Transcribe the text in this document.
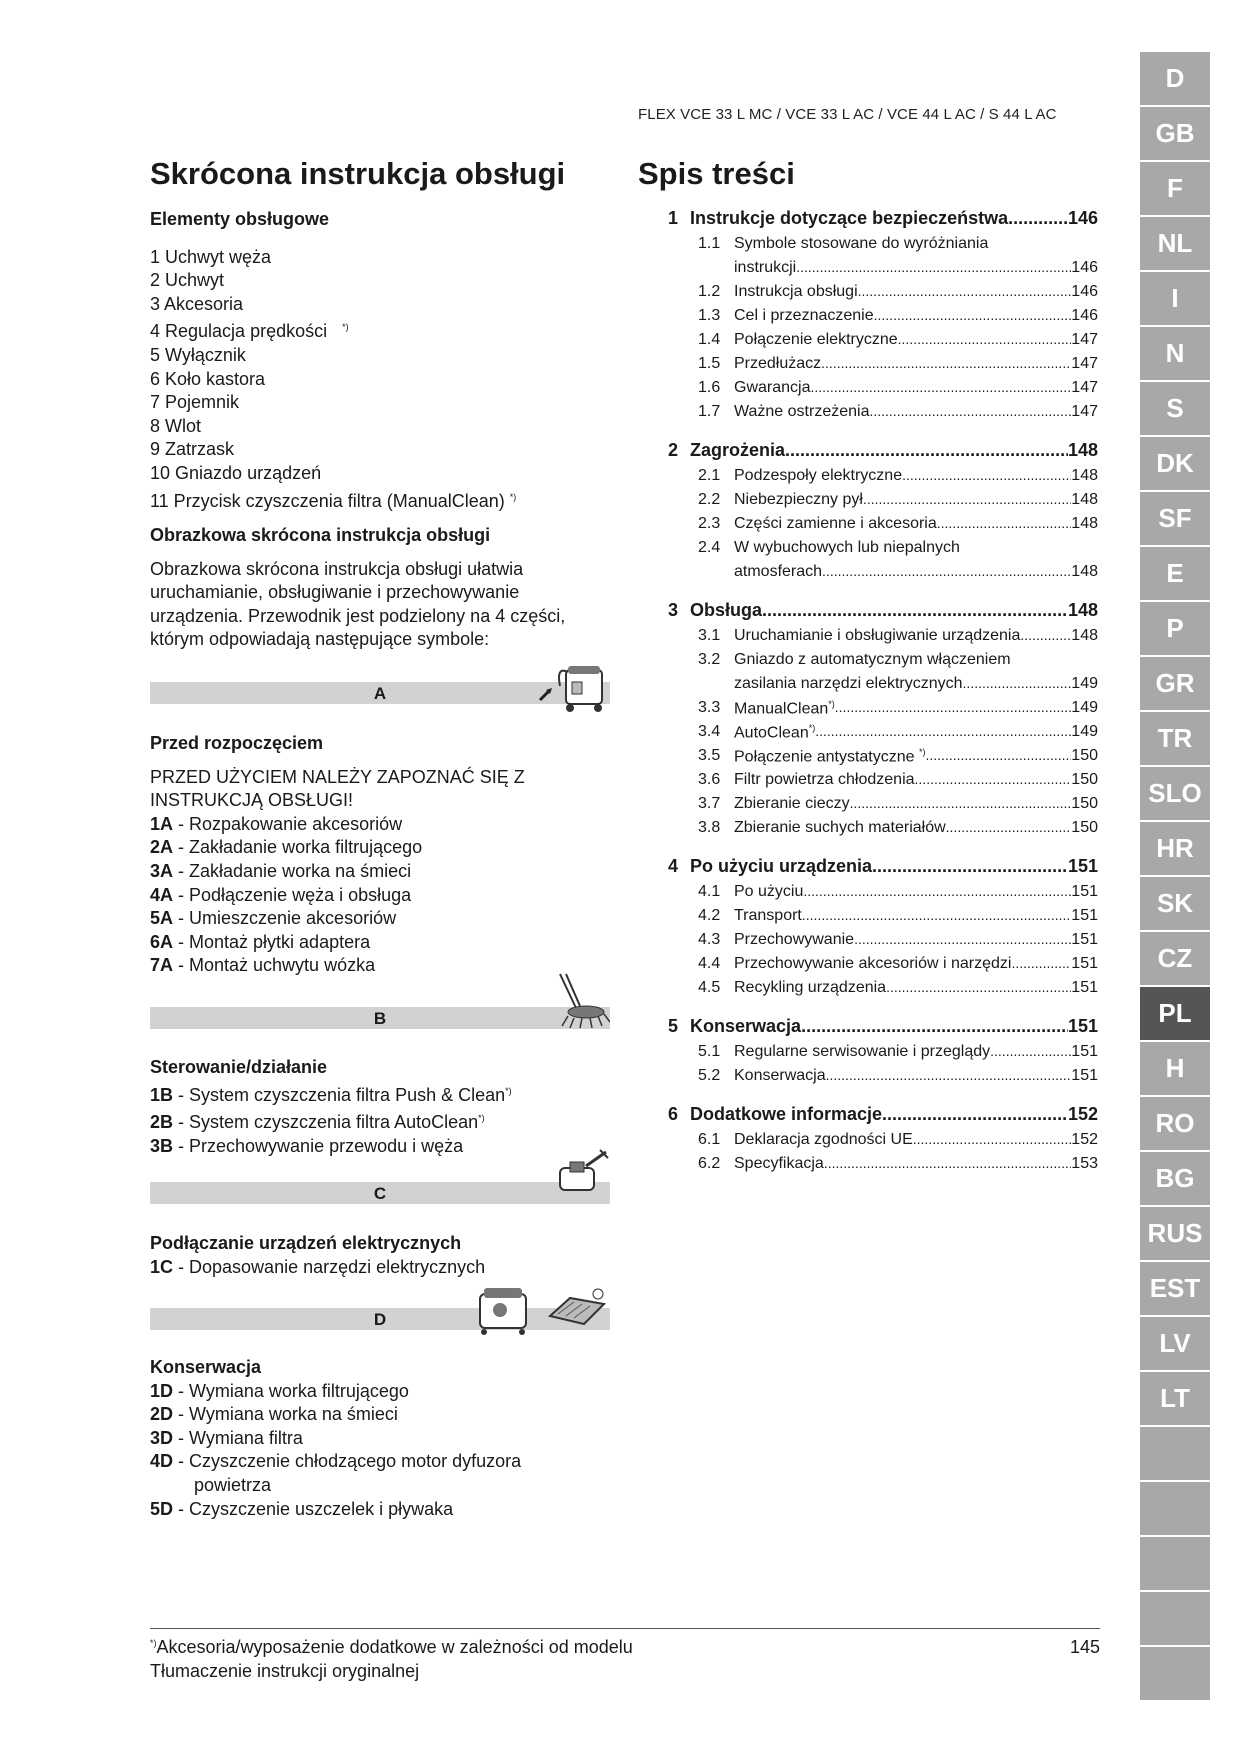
FLEX VCE 33 L MC / VCE 33 L AC / VCE 44 L AC / S 44 L AC
Skrócona instrukcja obsługi

Elementy obsługowe

1 Uchwyt węża

2 Uchwyt

3 Akcesoria

4 Regulacja prędkości *)

5 Wyłącznik

6 Koło kastora

7 Pojemnik

8 Wlot

9 Zatrzask

10 Gniazdo urządzeń

11 Przycisk czyszczenia filtra (ManualClean) *)

Obrazkowa skrócona instrukcja obsługi

Obrazkowa skrócona instrukcja obsługi ułatwia uruchamianie, obsługiwanie i przechowywanie urządzenia. Przewodnik jest podzielony na 4 części, którym odpowiadają następujące symbole:

A

Przed rozpoczęciem

PRZED UŻYCIEM NALEŻY ZAPOZNAĆ SIĘ Z INSTRUKCJĄ OBSŁUGI!

1A - Rozpakowanie akcesoriów

2A - Zakładanie worka filtrującego

3A - Zakładanie worka na śmieci

4A - Podłączenie węża i obsługa

5A - Umieszczenie akcesoriów

6A - Montaż płytki adaptera

7A - Montaż uchwytu wózka

B

Sterowanie/działanie

1B - System czyszczenia filtra Push & Clean*)

2B - System czyszczenia filtra AutoClean*)

3B - Przechowywanie przewodu i węża

C

Podłączanie urządzeń elektrycznych

1C - Dopasowanie narzędzi elektrycznych

D

Konserwacja

1D - Wymiana worka filtrującego

2D - Wymiana worka na śmieci

3D - Wymiana filtra

4D - Czyszczenie chłodzącego motor dyfuzora

powietrza

5D - Czyszczenie uszczelek i pływaka

Spis treści
1 Instrukcje dotyczące bezpieczeństwa .....	146
1.1 Symbole stosowane do wyróżniania
instrukcji .....	146
1.2 Instrukcja obsługi .....	146
1.3 Cel i przeznaczenie .....	146
1.4 Połączenie elektryczne .....	147
1.5 Przedłużacz .....	147
1.6 Gwarancja .....	147
1.7 Ważne ostrzeżenia .....	147
2 Zagrożenia .....	148
2.1 Podzespoły elektryczne .....	148
2.2 Niebezpieczny pył .....	148
2.3 Części zamienne i akcesoria .....	148
2.4 W wybuchowych lub niepalnych
atmosferach .....	148
3 Obsługa .....	148
3.1 Uruchamianie i obsługiwanie urządzenia .....	148
3.2 Gniazdo z automatycznym włączeniem
zasilania narzędzi elektrycznych .....	149
3.3 ManualClean*) .....	149
3.4 AutoClean*) .....	149
3.5 Połączenie antystatyczne *) .....	150
3.6 Filtr powietrza chłodzenia .....	150
3.7 Zbieranie cieczy .....	150
3.8 Zbieranie suchych materiałów .....	150
4 Po użyciu urządzenia .....	151
4.1 Po użyciu .....	151
4.2 Transport .....	151
4.3 Przechowywanie .....	151
4.4 Przechowywanie akcesoriów i narzędzi .....	151
4.5 Recykling urządzenia .....	151
5 Konserwacja .....	151
5.1 Regularne serwisowanie i przeglądy .....	151
5.2 Konserwacja .....	151
6 Dodatkowe informacje .....	152
6.1 Deklaracja zgodności UE .....	152
6.2 Specyfikacja .....	153
D
GB
F
NL
I
N
S
DK
SF
E
P
GR
TR
SLO
HR
SK
CZ
PL
H
RO
BG
RUS
EST
LV
LT
*)Akcesoria/wyposażenie dodatkowe w zależności od modelu
Tłumaczenie instrukcji oryginalnej
145
